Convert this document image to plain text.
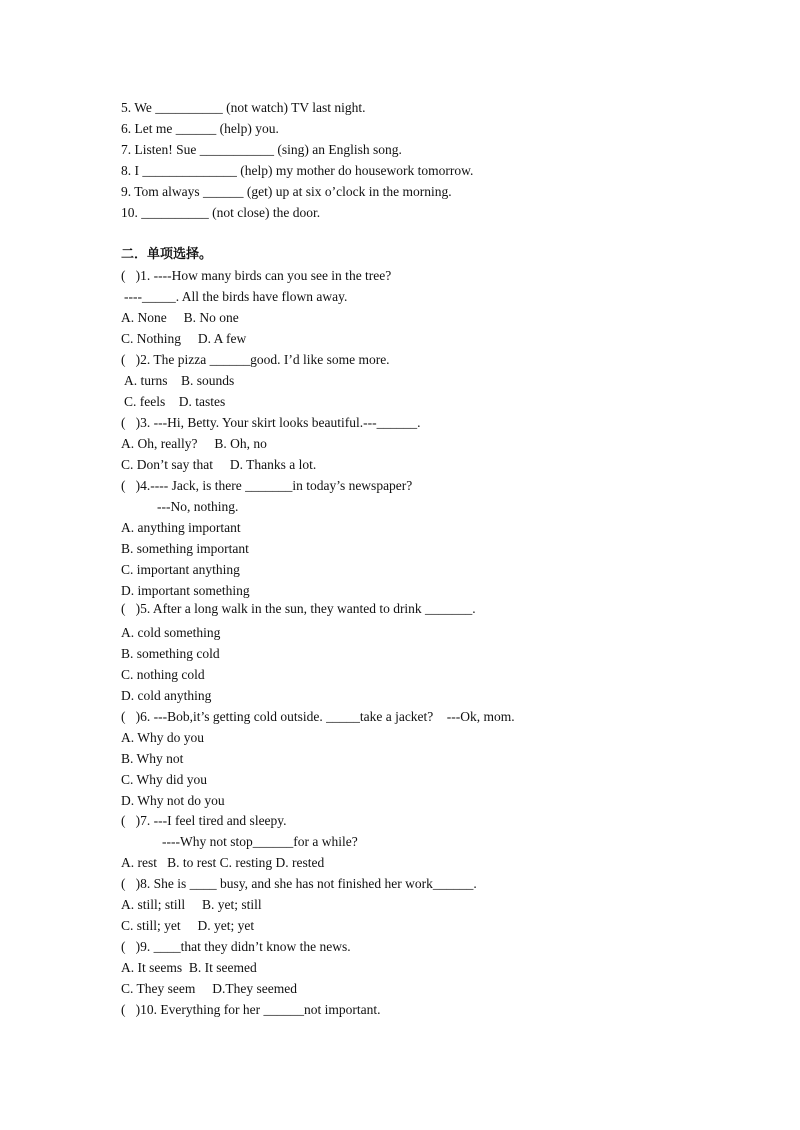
5. We __________ (not watch) TV last night.
6. Let me ______ (help) you.
7. Listen! Sue ___________ (sing) an English song.
8. I ______________ (help) my mother do housework tomorrow.
9. Tom always ______ (get) up at six o’clock in the morning.
10. __________ (not close) the door.
二．单项选择。
(   )1. ----How many birds can you see in the tree?
----_____. All the birds have flown away.
A. None     B. No one
C. Nothing     D. A few
(   )2. The pizza ______good. I’d like some more.
A. turns    B. sounds
C. feels    D. tastes
(   )3. ---Hi, Betty. Your skirt looks beautiful.---______.
A. Oh, really?     B. Oh, no
C. Don’t say that     D. Thanks a lot.
(   )4.---- Jack, is there _______in today’s newspaper?
---No, nothing.
A. anything important
B. something important
C. important anything
D. important something
(   )5. After a long walk in the sun, they wanted to drink _______.
A. cold something
B. something cold
C. nothing cold
D. cold anything
(   )6. ---Bob,it’s getting cold outside. _____take a jacket?    ---Ok, mom.
A. Why do you
B. Why not
C. Why did you
D. Why not do you
(   )7. ---I feel tired and sleepy.
----Why not stop______for a while?
A. rest   B. to rest C. resting D. rested
(   )8. She is ____ busy, and she has not finished her work______.
A. still; still     B. yet; still
C. still; yet     D. yet; yet
(   )9. ____that they didn’t know the news.
A. It seems  B. It seemed
C. They seem     D.They seemed
(   )10. Everything for her ______not important.
